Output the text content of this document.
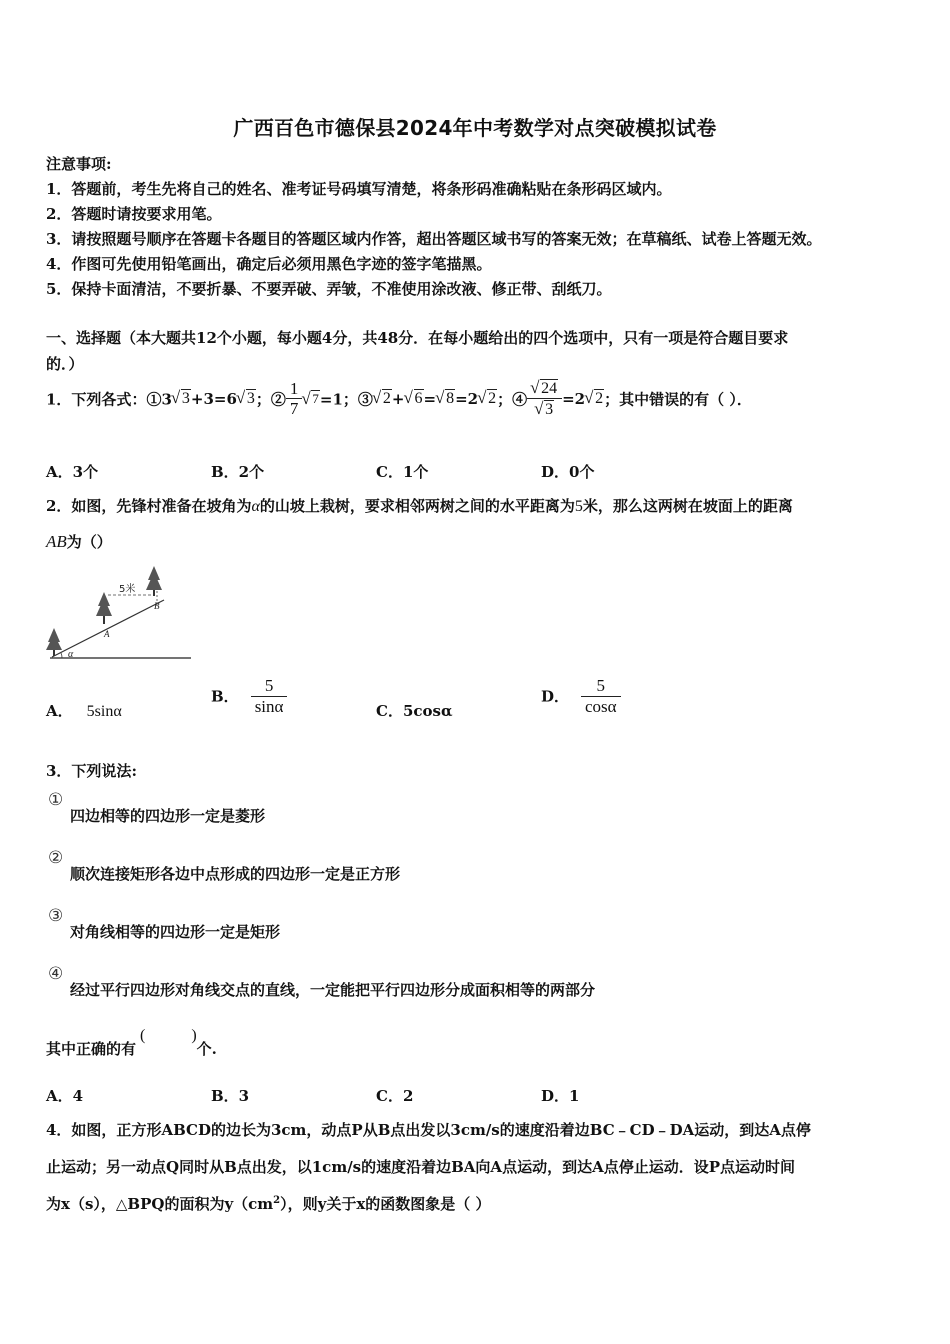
广西百色市德保县2024年中考数学对点突破模拟试卷
注意事项:
1．答题前，考生先将自己的姓名、准考证号码填写清楚，将条形码准确粘贴在条形码区域内。
2．答题时请按要求用笔。
3．请按照题号顺序在答题卡各题目的答题区域内作答，超出答题区域书写的答案无效；在草稿纸、试卷上答题无效。
4．作图可先使用铅笔画出，确定后必须用黑色字迹的签字笔描黑。
5．保持卡面清洁，不要折暴、不要弄破、弄皱，不准使用涂改液、修正带、刮纸刀。
一、选择题（本大题共12个小题，每小题4分，共48分．在每小题给出的四个选项中，只有一项是符合题目要求
的．）
1．下列各式：①3 √ 3+3=6 √ 3；② $\frac{1}{7}$ √ 7=1；③ √ 2+ √ 6= √ 8=2 √ 2；④ √ 24
√ 3 =2 √ 2；其中错误的有（ ）．
A．3个	B．2个	C．1个	D．0个
2．如图，先锋村准备在坡角为α的山坡上栽树，要求相邻两树之间的水平距离为5米，那么这两树在坡面上的距离
AB为（）
5米
A
B
α
A． 5sinα
B． $\frac{5}{\sin\alpha}$	C．5cosα
D． $\frac{5}{\cos\alpha}$
3．下列说法:
①
四边相等的四边形一定是菱形
②
顺次连接矩形各边中点形成的四边形一定是正方形
③
对角线相等的四边形一定是矩形
④
经过平行四边形对角线交点的直线，一定能把平行四边形分成面积相等的两部分
其中正确的有(	)个.
A．4	B．3	C．2	D．1
4．如图，正方形ABCD的边长为3cm，动点P从B点出发以3cm/s的速度沿着边BC﹣CD﹣DA运动，到达A点停
止运动；另一动点Q同时从B点出发，以1cm/s的速度沿着边BA向A点运动，到达A点停止运动．设P点运动时间
为x（s），△BPQ的面积为$y(cm^2)$，则y关于x的函数图象是（ ）
